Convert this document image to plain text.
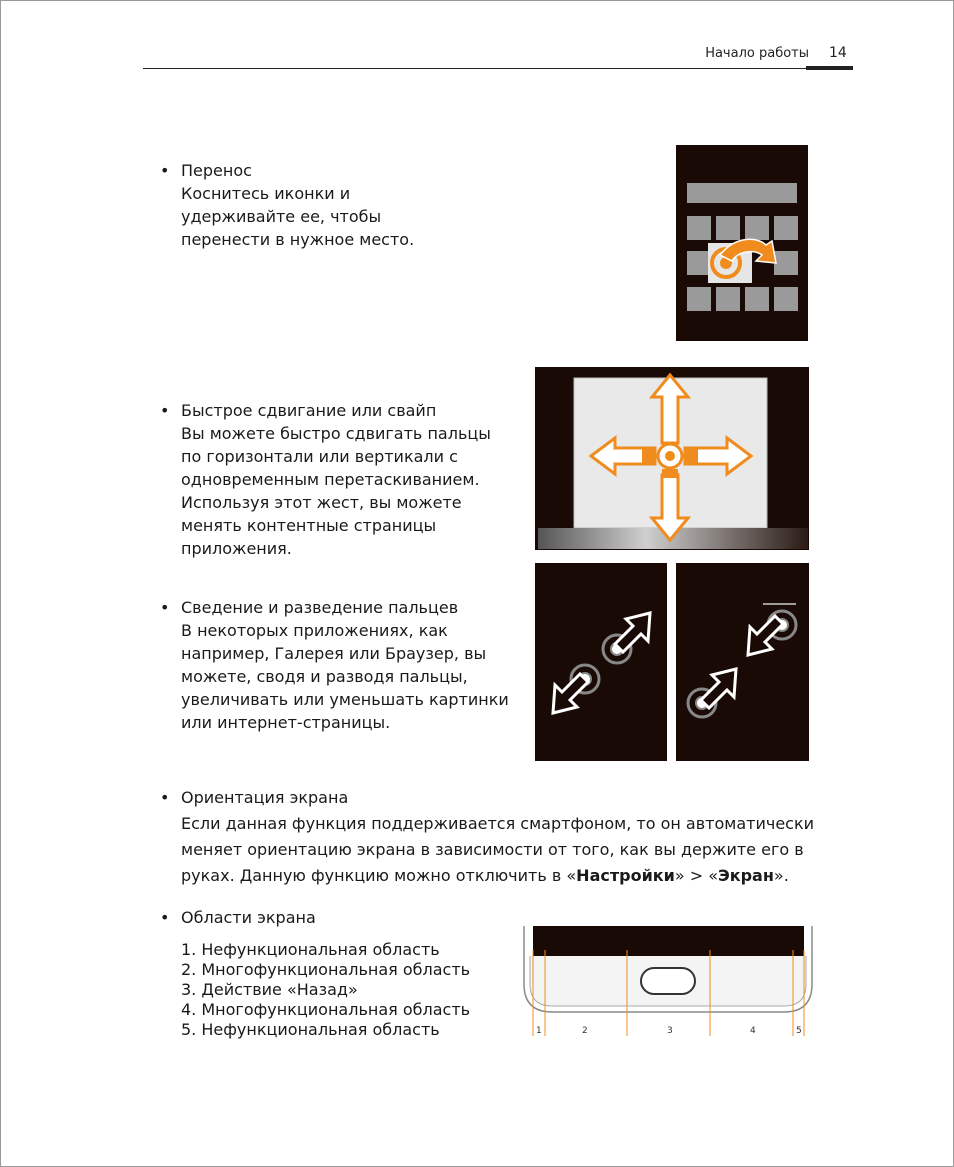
Начало работы 14
• Перенос
Коснитесь иконки и
удерживайте ее, чтобы
перенести в нужное место.
• Быстрое сдвигание или свайп
Вы можете быстро сдвигать пальцы
по горизонтали или вертикали с
одновременным перетаскиванием.
Используя этот жест, вы можете
менять контентные страницы
приложения.
• Сведение и разведение пальцев
В некоторых приложениях, как
например, Галерея или Браузер, вы
можете, сводя и разводя пальцы,
увеличивать или уменьшать картинки
или интернет-страницы.
• Ориентация экрана
Если данная функция поддерживается смартфоном, то он автоматически
меняет ориентацию экрана в зависимости от того, как вы держите его в
руках. Данную функцию можно отключить в «Настройки» > «Экран».
• Области экрана
1. Нефункциональная область
2. Многофункциональная область
3. Действие «Назад»
4. Многофункциональная область
5. Нефункциональная область	1	2	3	4	5
